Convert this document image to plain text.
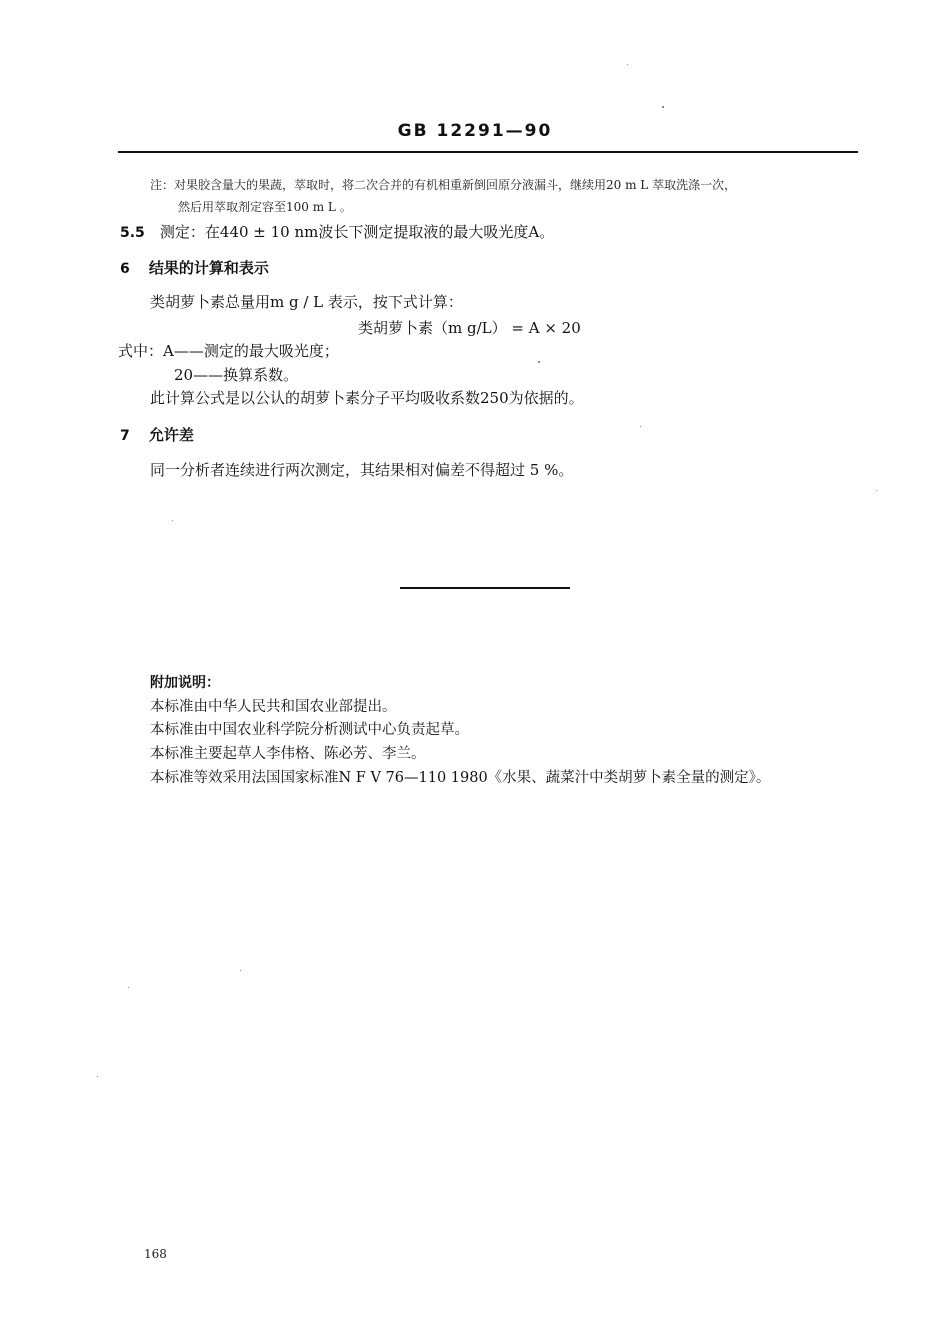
GB 12291—90
注：对果胶含量大的果蔬，萃取时，将二次合并的有机相重新倒回原分液漏斗，继续用20 m L 萃取洗涤一次，
然后用萃取剂定容至100 m L 。
5.5 测定：在440 ± 10 nm波长下测定提取液的最大吸光度A。
6 结果的计算和表示
类胡萝卜素总量用m g / L 表示，按下式计算：
类胡萝卜素（m g/L） = A × 20
式中：A——测定的最大吸光度；
20——换算系数。
此计算公式是以公认的胡萝卜素分子平均吸收系数250为依据的。
7 允许差
同一分析者连续进行两次测定，其结果相对偏差不得超过 5 %。
附加说明：
本标准由中华人民共和国农业部提出。
本标准由中国农业科学院分析测试中心负责起草。
本标准主要起草人李伟格、陈必芳、李兰。
本标准等效采用法国国家标准N F V 76—110 1980《水果、蔬菜汁中类胡萝卜素全量的测定》。
168
